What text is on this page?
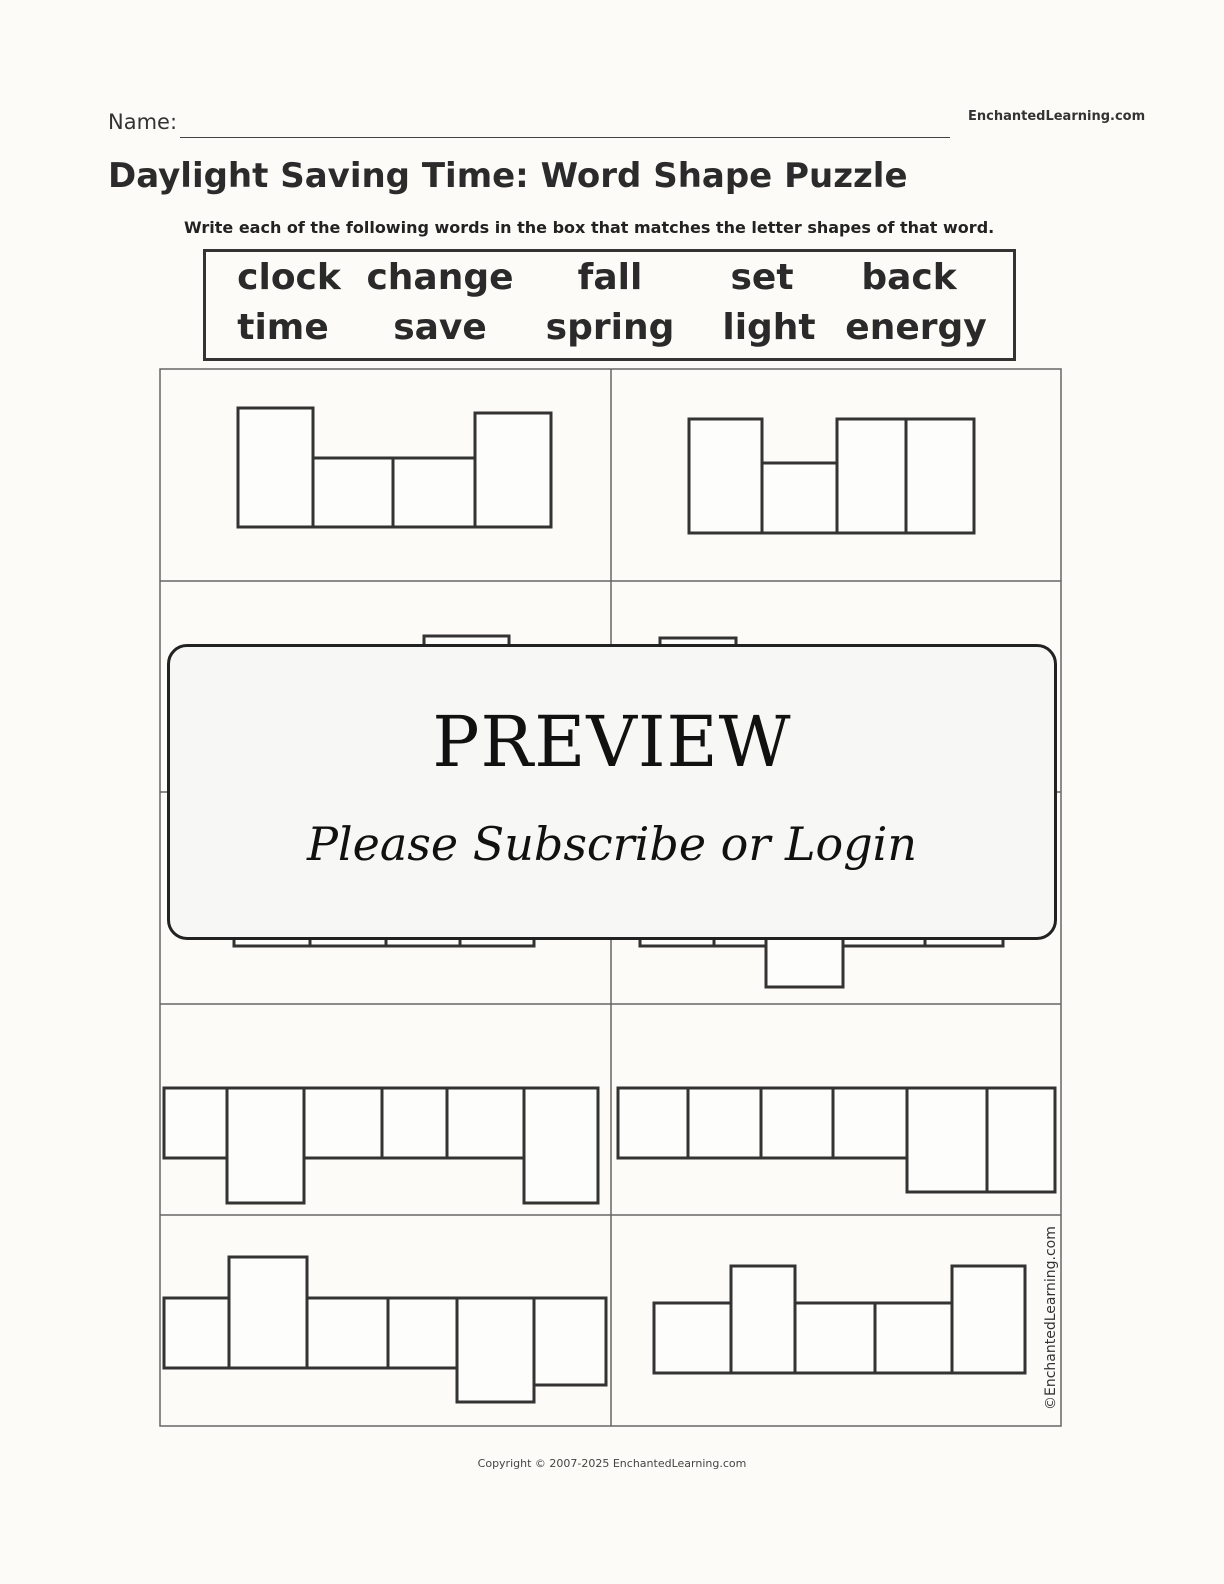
Name:	EnchantedLearning.com
Daylight Saving Time: Word Shape Puzzle
Write each of the following words in the box that matches the letter shapes of that word.
clock change fall set back
time save spring light energy
PREVIEW
Please Subscribe or Login
©EnchantedLearning.com
Copyright © 2007-2025 EnchantedLearning.com
